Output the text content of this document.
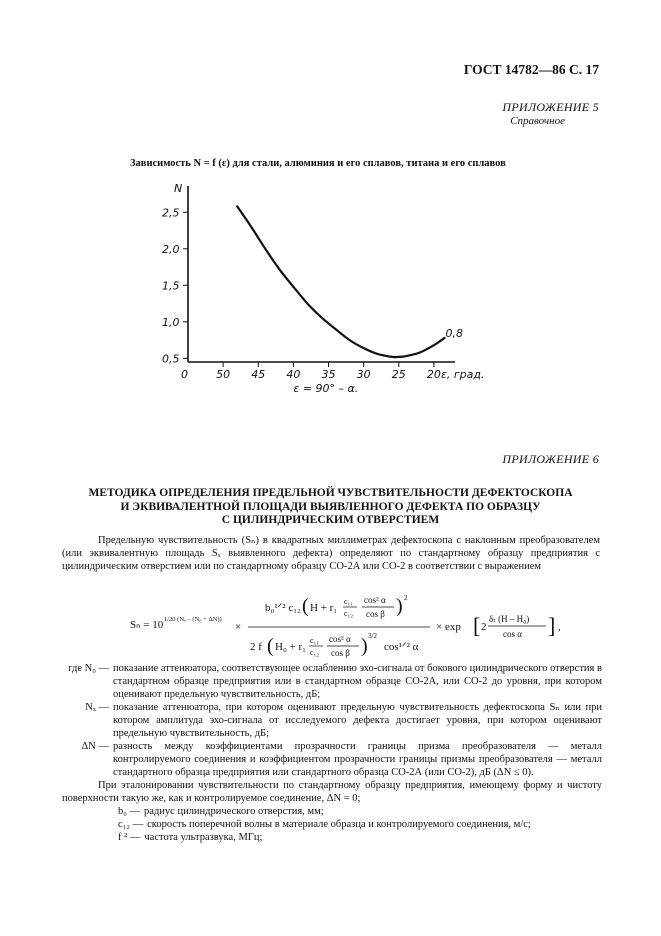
ГОСТ 14782—86 С. 17
ПРИЛОЖЕНИЕ 5
Справочное
Зависимость N = f (ε) для стали, алюминия и его сплавов, титана и его сплавов
2,5
2,0
1,5
1,0
0,5
0	50 45 40 35 30 25 20
N
ε, град.
ε = 90° – α.
0,8
ПРИЛОЖЕНИЕ 6
МЕТОДИКА ОПРЕДЕЛЕНИЯ ПРЕДЕЛЬНОЙ ЧУВСТВИТЕЛЬНОСТИ ДЕФЕКТОСКОПА
И ЭКВИВАЛЕНТНОЙ ПЛОЩАДИ ВЫЯВЛЕННОГО ДЕФЕКТА ПО ОБРАЗЦУ
С ЦИЛИНДРИЧЕСКИМ ОТВЕРСТИЕМ
Предельную чувствительность (Sₙ) в квадратных миллиметрах дефектоскопа с наклонным преобразователем (или эквивалентную площадь Sₓ выявленного дефекта) определяют по стандартному образцу предприятия с цилиндрическим отверстием или по стандартному образцу СО-2А или СО-2 в соответствии с выражением
Sₙ = 10 1/20 (Nₓ – (N₀ + ΔN))
×
b₀¹ᐟ² c₁₂ ( H + r₁
c₁₁
c₁₂
cos² α
cos β ) 2
2 f ( H₀ + r₁
c₁₁
c₁₂
cos² α
cos β ) 3/2
cos¹ᐟ² α
× exp [ 2
δₜ (H – H₀)
cos α ] ,
где N₀ — показание аттенюатора, соответствующее ослаблению эхо-сигнала от бокового цилиндрического отверстия в стандартном образце предприятия или в стандартном образце СО-2А, или СО-2 до уровня, при котором оценивают предельную чувствительность, дБ;
Nₓ — показание аттенюатора, при котором оценивают предельную чувствительность дефектоскопа Sₙ или при котором амплитуда эхо-сигнала от исследуемого дефекта достигает уровня, при котором оценивают предельную чувствительность, дБ;
ΔN — разность между коэффициентами прозрачности границы призма преобразователя — металл контролируемого соединения и коэффициентом прозрачности границы призмы преобразователя — металл стандартного образца предприятия или стандартного образца СО-2А (или СО-2), дБ (ΔN ≤ 0).
При эталонировании чувствительности по стандартному образцу предприятия, имеющему форму и чистоту поверхности такую же, как и контролируемое соединение, ΔN = 0;
b₀ — радиус цилиндрического отверстия, мм;
c₁₂ — скорость поперечной волны в материале образца и контролируемого соединения, м/с;
f ² — частота ультразвука, МГц;
